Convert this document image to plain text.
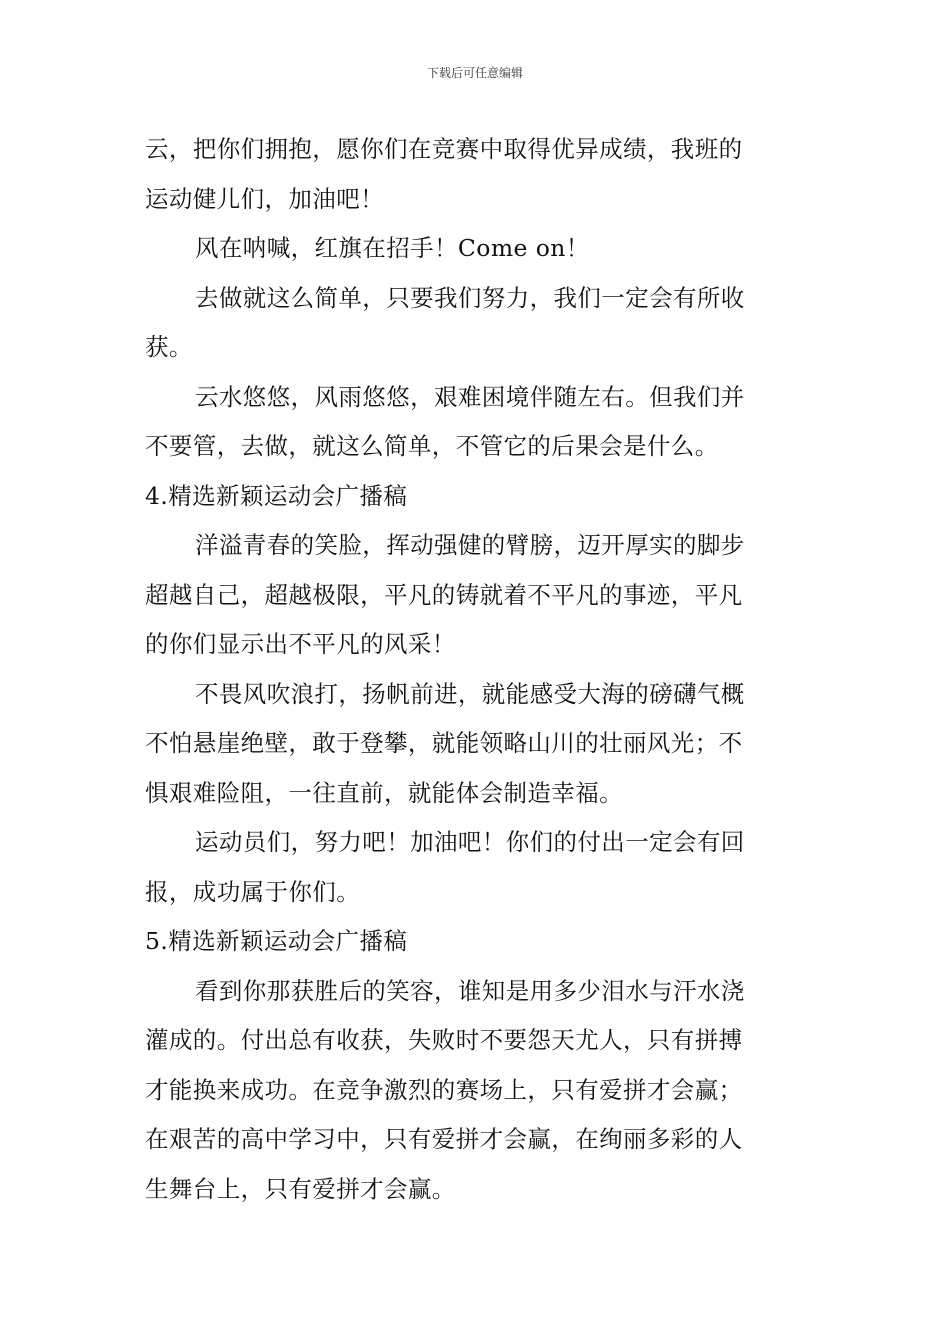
下载后可任意编辑
云，把你们拥抱，愿你们在竞赛中取得优异成绩，我班的
运动健儿们，加油吧！
风在呐喊，红旗在招手！Come on！
去做就这么简单，只要我们努力，我们一定会有所收
获。
云水悠悠，风雨悠悠，艰难困境伴随左右。但我们并
不要管，去做，就这么简单，不管它的后果会是什么。
4.精选新颖运动会广播稿
洋溢青春的笑脸，挥动强健的臂膀，迈开厚实的脚步
超越自己，超越极限，平凡的铸就着不平凡的事迹，平凡
的你们显示出不平凡的风采！
不畏风吹浪打，扬帆前进，就能感受大海的磅礴气概
不怕悬崖绝壁，敢于登攀，就能领略山川的壮丽风光；不
惧艰难险阻，一往直前，就能体会制造幸福。
运动员们，努力吧！加油吧！你们的付出一定会有回
报，成功属于你们。
5.精选新颖运动会广播稿
看到你那获胜后的笑容，谁知是用多少泪水与汗水浇
灌成的。付出总有收获，失败时不要怨天尤人，只有拼搏
才能换来成功。在竞争激烈的赛场上，只有爱拼才会赢；
在艰苦的高中学习中，只有爱拼才会赢，在绚丽多彩的人
生舞台上，只有爱拼才会赢。
